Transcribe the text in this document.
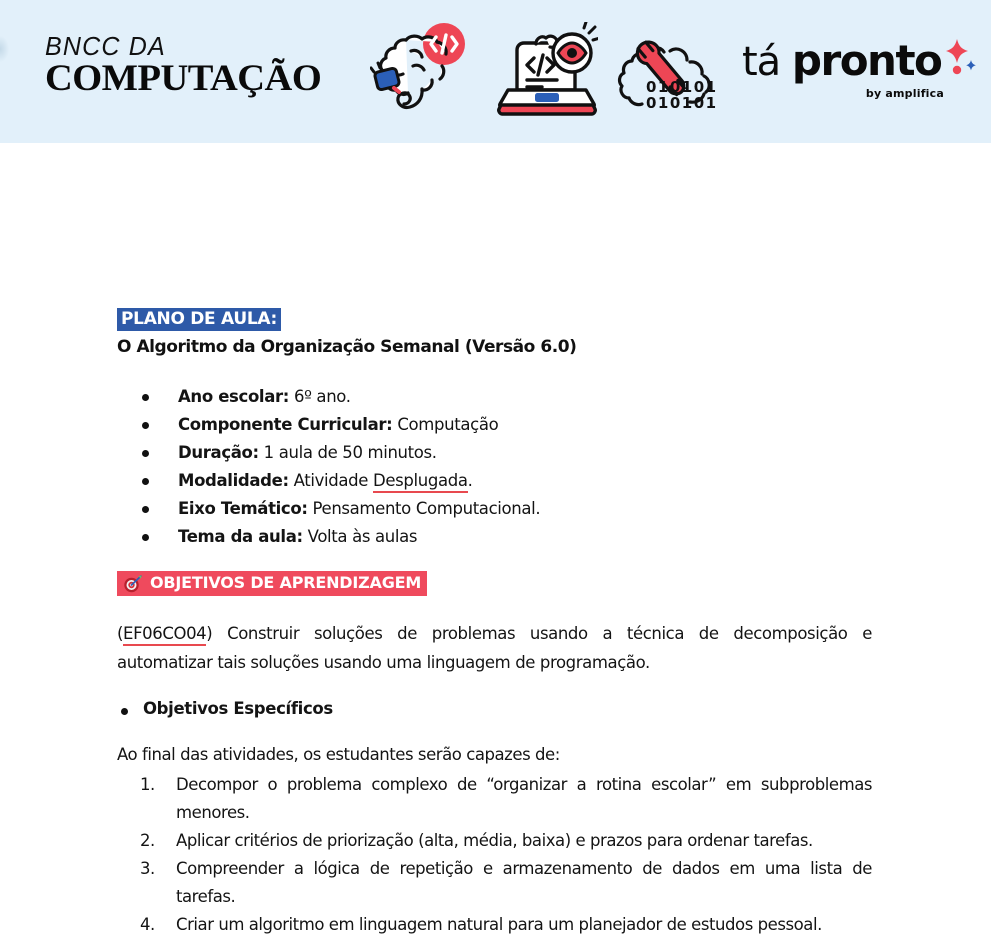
BNCC DA
COMPUTAÇÃO	010101
010101
tá pronto
by amplifica
PLANO DE AULA:
O Algoritmo da Organização Semanal (Versão 6.0)
Ano escolar: 6º ano.
Componente Curricular: Computação
Duração: 1 aula de 50 minutos.
Modalidade: Atividade Desplugada.
Eixo Temático: Pensamento Computacional.
Tema da aula: Volta às aulas
OBJETIVOS DE APRENDIZAGEM
(EF06CO04) Construir soluções de problemas usando a técnica de decomposição e automatizar tais soluções usando uma linguagem de programação.
Objetivos Específicos
Ao final das atividades, os estudantes serão capazes de:
1. Decompor o problema complexo de “organizar a rotina escolar” em subproblemas menores.
2. Aplicar critérios de priorização (alta, média, baixa) e prazos para ordenar tarefas.
3. Compreender a lógica de repetição e armazenamento de dados em uma lista de tarefas.
4. Criar um algoritmo em linguagem natural para um planejador de estudos pessoal.
